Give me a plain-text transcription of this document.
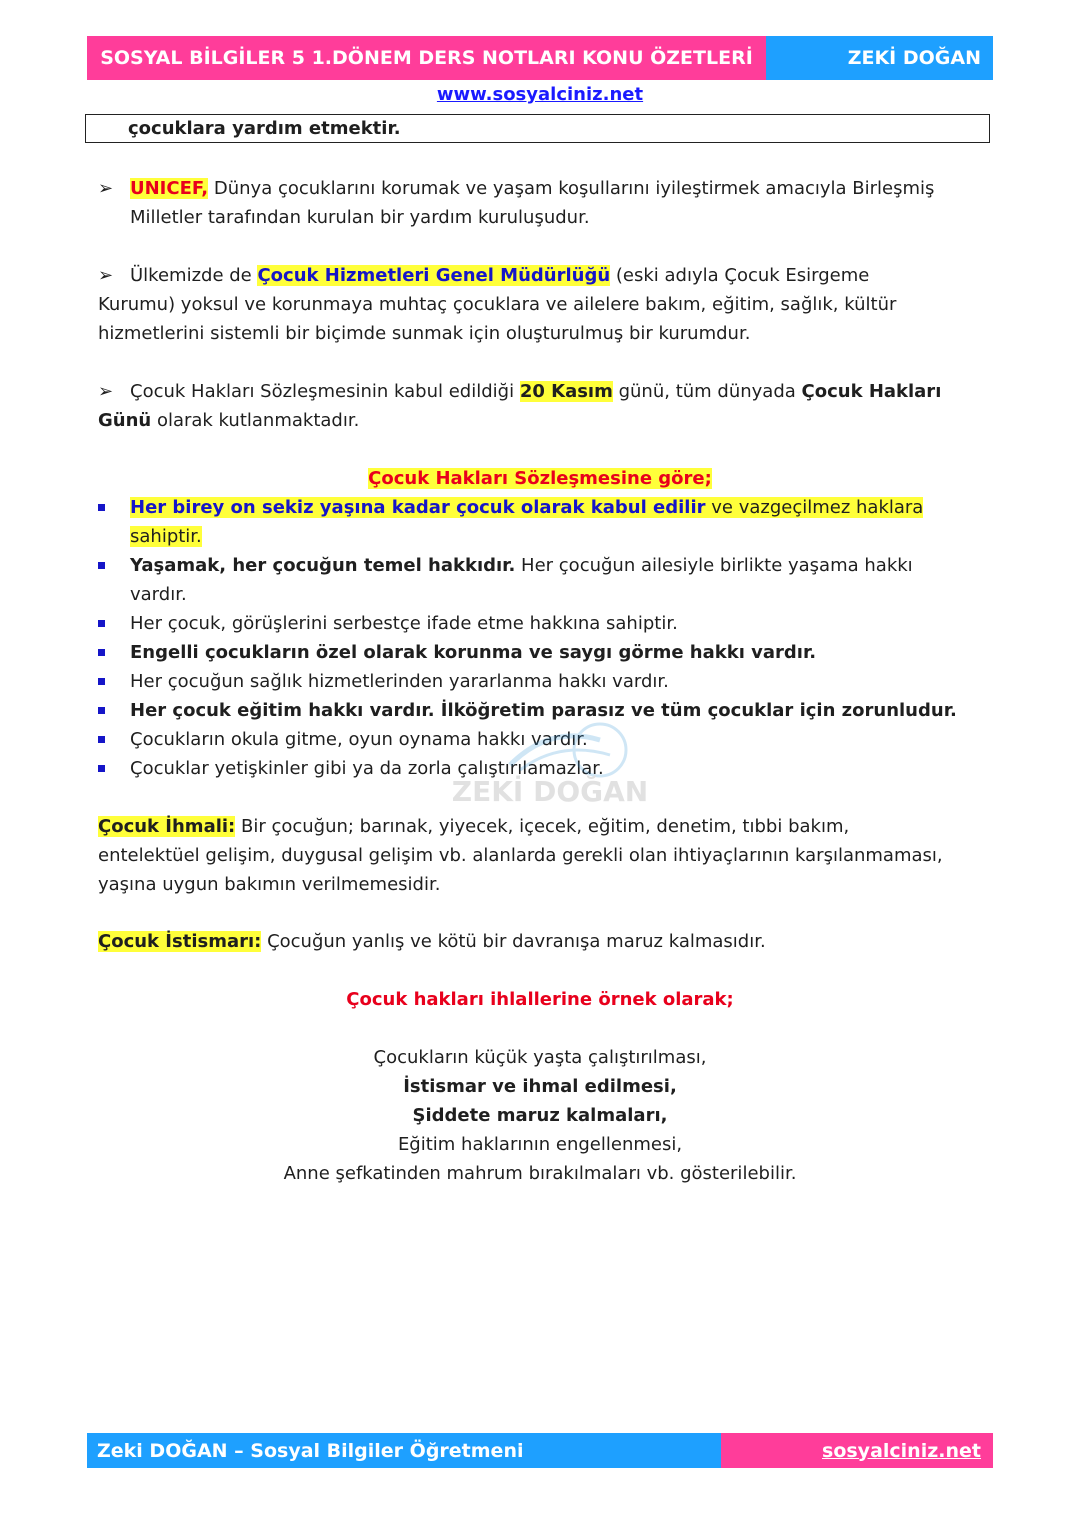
SOSYAL BİLGİLER 5 1.DÖNEM DERS NOTLARI KONU ÖZETLERİ	ZEKİ DOĞAN
www.sosyalciniz.net
çocuklara yardım etmektir.
➢ UNICEF, Dünya çocuklarını korumak ve yaşam koşullarını iyileştirmek amacıyla Birleşmiş
Milletler tarafından kurulan bir yardım kuruluşudur.
➢ Ülkemizde de Çocuk Hizmetleri Genel Müdürlüğü (eski adıyla Çocuk Esirgeme
Kurumu) yoksul ve korunmaya muhtaç çocuklara ve ailelere bakım, eğitim, sağlık, kültür
hizmetlerini sistemli bir biçimde sunmak için oluşturulmuş bir kurumdur.
➢ Çocuk Hakları Sözleşmesinin kabul edildiği 20 Kasım günü, tüm dünyada Çocuk Hakları
Günü olarak kutlanmaktadır.
Çocuk Hakları Sözleşmesine göre;
Her birey on sekiz yaşına kadar çocuk olarak kabul edilir ve vazgeçilmez haklara
sahiptir.
Yaşamak, her çocuğun temel hakkıdır. Her çocuğun ailesiyle birlikte yaşama hakkı
vardır.
Her çocuk, görüşlerini serbestçe ifade etme hakkına sahiptir.
Engelli çocukların özel olarak korunma ve saygı görme hakkı vardır.
Her çocuğun sağlık hizmetlerinden yararlanma hakkı vardır.
Her çocuk eğitim hakkı vardır. İlköğretim parasız ve tüm çocuklar için zorunludur.
Çocukların okula gitme, oyun oynama hakkı vardır.
Çocuklar yetişkinler gibi ya da zorla çalıştırılamazlar.
ZEKİ DOĞAN
Çocuk İhmali: Bir çocuğun; barınak, yiyecek, içecek, eğitim, denetim, tıbbi bakım,
entelektüel gelişim, duygusal gelişim vb. alanlarda gerekli olan ihtiyaçlarının karşılanmaması,
yaşına uygun bakımın verilmemesidir.
Çocuk İstismarı: Çocuğun yanlış ve kötü bir davranışa maruz kalmasıdır.
Çocuk hakları ihlallerine örnek olarak;
Çocukların küçük yaşta çalıştırılması,
İstismar ve ihmal edilmesi,
Şiddete maruz kalmaları,
Eğitim haklarının engellenmesi,
Anne şefkatinden mahrum bırakılmaları vb. gösterilebilir.
Zeki DOĞAN – Sosyal Bilgiler Öğretmeni	sosyalciniz.net
